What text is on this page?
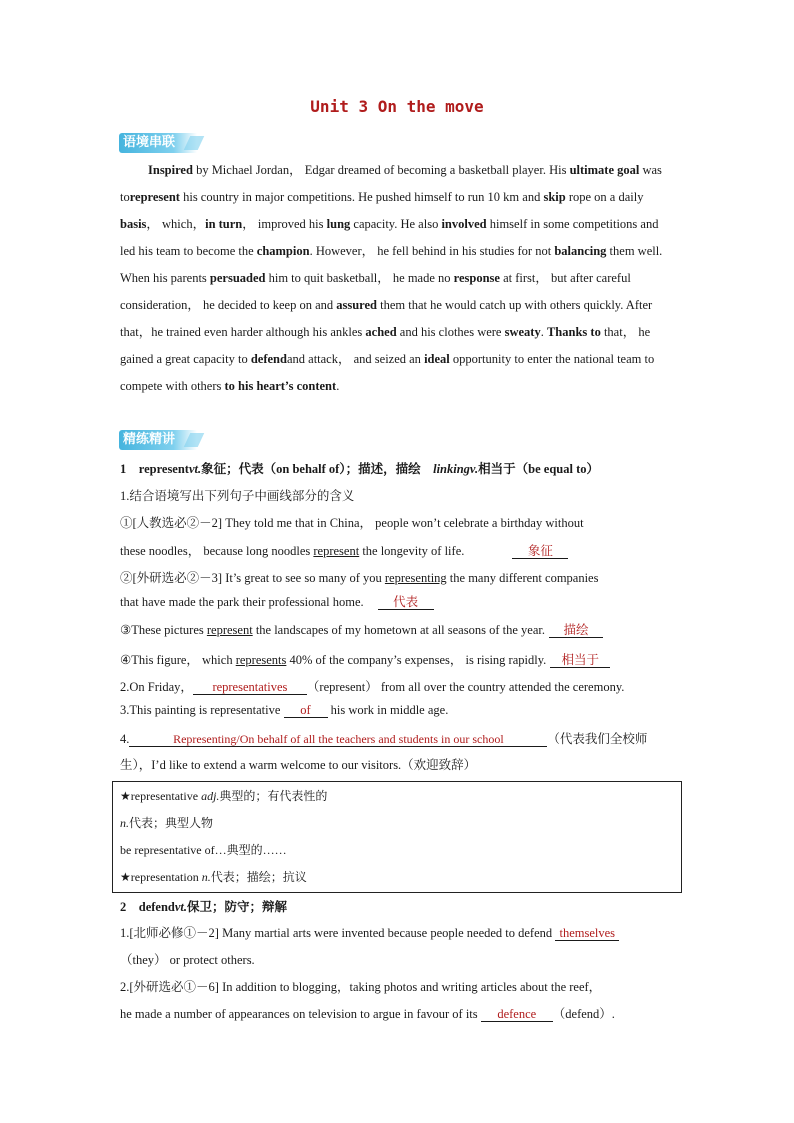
Unit 3 On the move
语境串联

Inspired by Michael Jordan， Edgar dreamed of becoming a basketball player. His ultimate goal was torepresent his country in major competitions. He pushed himself to run 10 km and skip rope on a daily basis， which，in turn， improved his lung capacity. He also involved himself in some competitions and led his team to become the champion. However， he fell behind in his studies for not balancing them well. When his parents persuaded him to quit basketball， he made no response at first， but after careful consideration， he decided to keep on and assured them that he would catch up with others quickly. After that，he trained even harder although his ankles ached and his clothes were sweaty. Thanks to that， he gained a great capacity to defendand attack， and seized an ideal opportunity to enter the national team to compete with others to his heart’s content.

精练精讲
1　representvt.象征；代表（on behalf of）；描述，描绘　linkingv.相当于（be equal to）
1.结合语境写出下列句子中画线部分的含义
①[人教选必②－2] They told me that in China， people won’t celebrate a birthday without
these noodles， because long noodles represent the longevity of life.	象征
②[外研选必②－3] It’s great to see so many of you representing the many different companies
that have made the park their professional home. 代表
③These pictures represent the landscapes of my hometown at all seasons of the year. 描绘
④This figure， which represents 40% of the company’s expenses， is rising rapidly. 相当于
2.On Friday， representatives （represent） from all over the country attended the ceremony.
3.This painting is representative of his work in middle age.
4.	Representing/On behalf of all the teachers and students in our school	（代表我们全校师
生），I’d like to extend a warm welcome to our visitors.（欢迎致辞）
★representative adj.典型的；有代表性的
n.代表；典型人物
be representative of…典型的……
★representation n.代表；描绘；抗议
2　defendvt.保卫；防守；辩解
1.[北师必修①－2] Many martial arts were invented because people needed to defend themselves
（they） or protect others.
2.[外研选必①－6] In addition to blogging，taking photos and writing articles about the reef，
he made a number of appearances on television to argue in favour of its defence （defend）.
